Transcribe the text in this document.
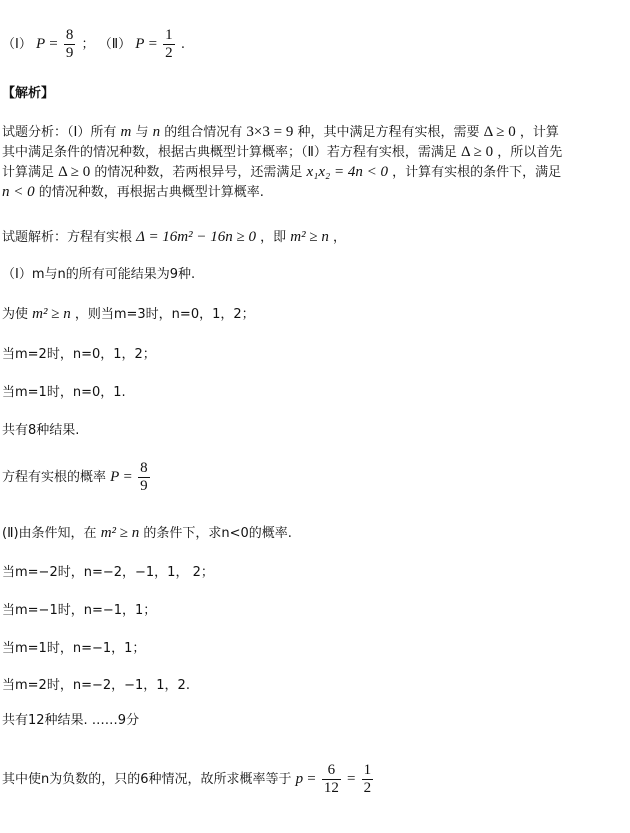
（Ⅰ） $P = \frac{8}{9}$ ； （Ⅱ） $P = \frac{1}{2}$ .
【解析】
试题分析：（Ⅰ）所有 m 与 n 的组合情况有 3×3 = 9 种，其中满足方程有实根，需要 Δ ≥ 0 ，计算
其中满足条件的情况种数，根据古典概型计算概率；（Ⅱ）若方程有实根，需满足 Δ ≥ 0 ，所以首先
计算满足 Δ ≥ 0 的情况种数，若两根异号，还需满足 x₁x₂ = 4n < 0 ，计算有实根的条件下，满足
n < 0 的情况种数，再根据古典概型计算概率.
试题解析：方程有实根 Δ = 16m² − 16n ≥ 0 ，即 m² ≥ n ，
（Ⅰ）m与n的所有可能结果为9种.
为使 m² ≥ n ，则当m=3时，n=0，1，2；
当m=2时，n=0，1，2；
当m=1时，n=0，1.
共有8种结果.
方程有实根的概率 $P = \frac{8}{9}$
(Ⅱ)由条件知，在 m² ≥ n 的条件下，求n<0的概率.
当m=−2时，n=−2，−1，1， 2；
当m=−1时，n=−1，1；
当m=1时，n=−1，1；
当m=2时，n=−2，−1，1，2.
共有12种结果. ……9分
其中使n为负数的，只的6种情况，故所求概率等于 $p = \frac{6}{12} = \frac{1}{2}$
